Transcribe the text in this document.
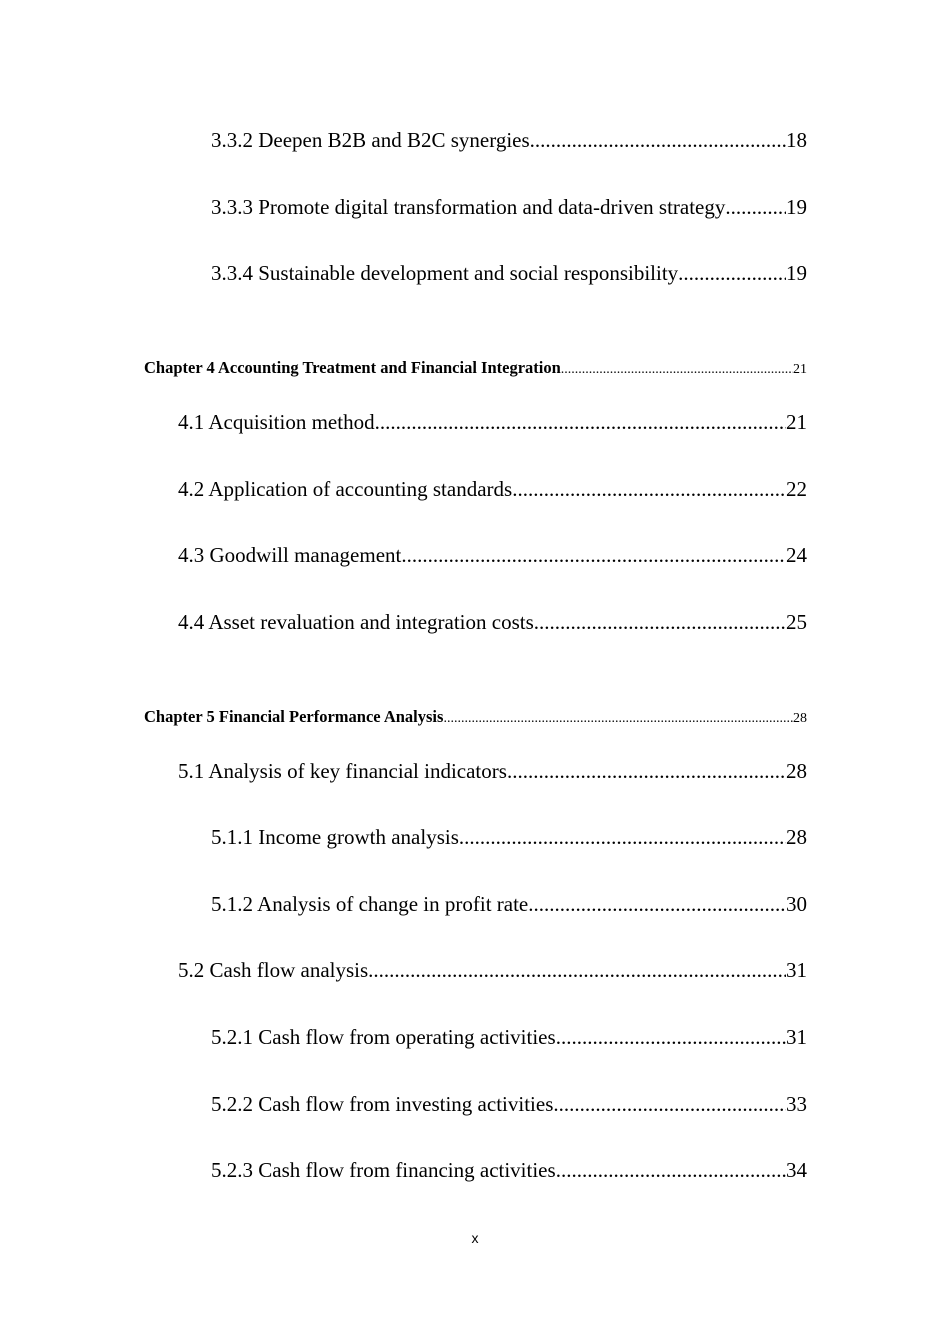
3.3.2 Deepen B2B and B2C synergies .....	18
3.3.3 Promote digital transformation and data-driven strategy .....	19
3.3.4 Sustainable development and social responsibility .....	19
Chapter 4 Accounting Treatment and Financial Integration .....	21
4.1 Acquisition method .....	21
4.2 Application of accounting standards .....	22
4.3 Goodwill management .....	24
4.4 Asset revaluation and integration costs .....	25
Chapter 5 Financial Performance Analysis .....	28
5.1 Analysis of key financial indicators .....	28
5.1.1 Income growth analysis .....	28
5.1.2 Analysis of change in profit rate .....	30
5.2 Cash flow analysis .....	31
5.2.1 Cash flow from operating activities .....	31
5.2.2 Cash flow from investing activities .....	33
5.2.3 Cash flow from financing activities .....	34
x
